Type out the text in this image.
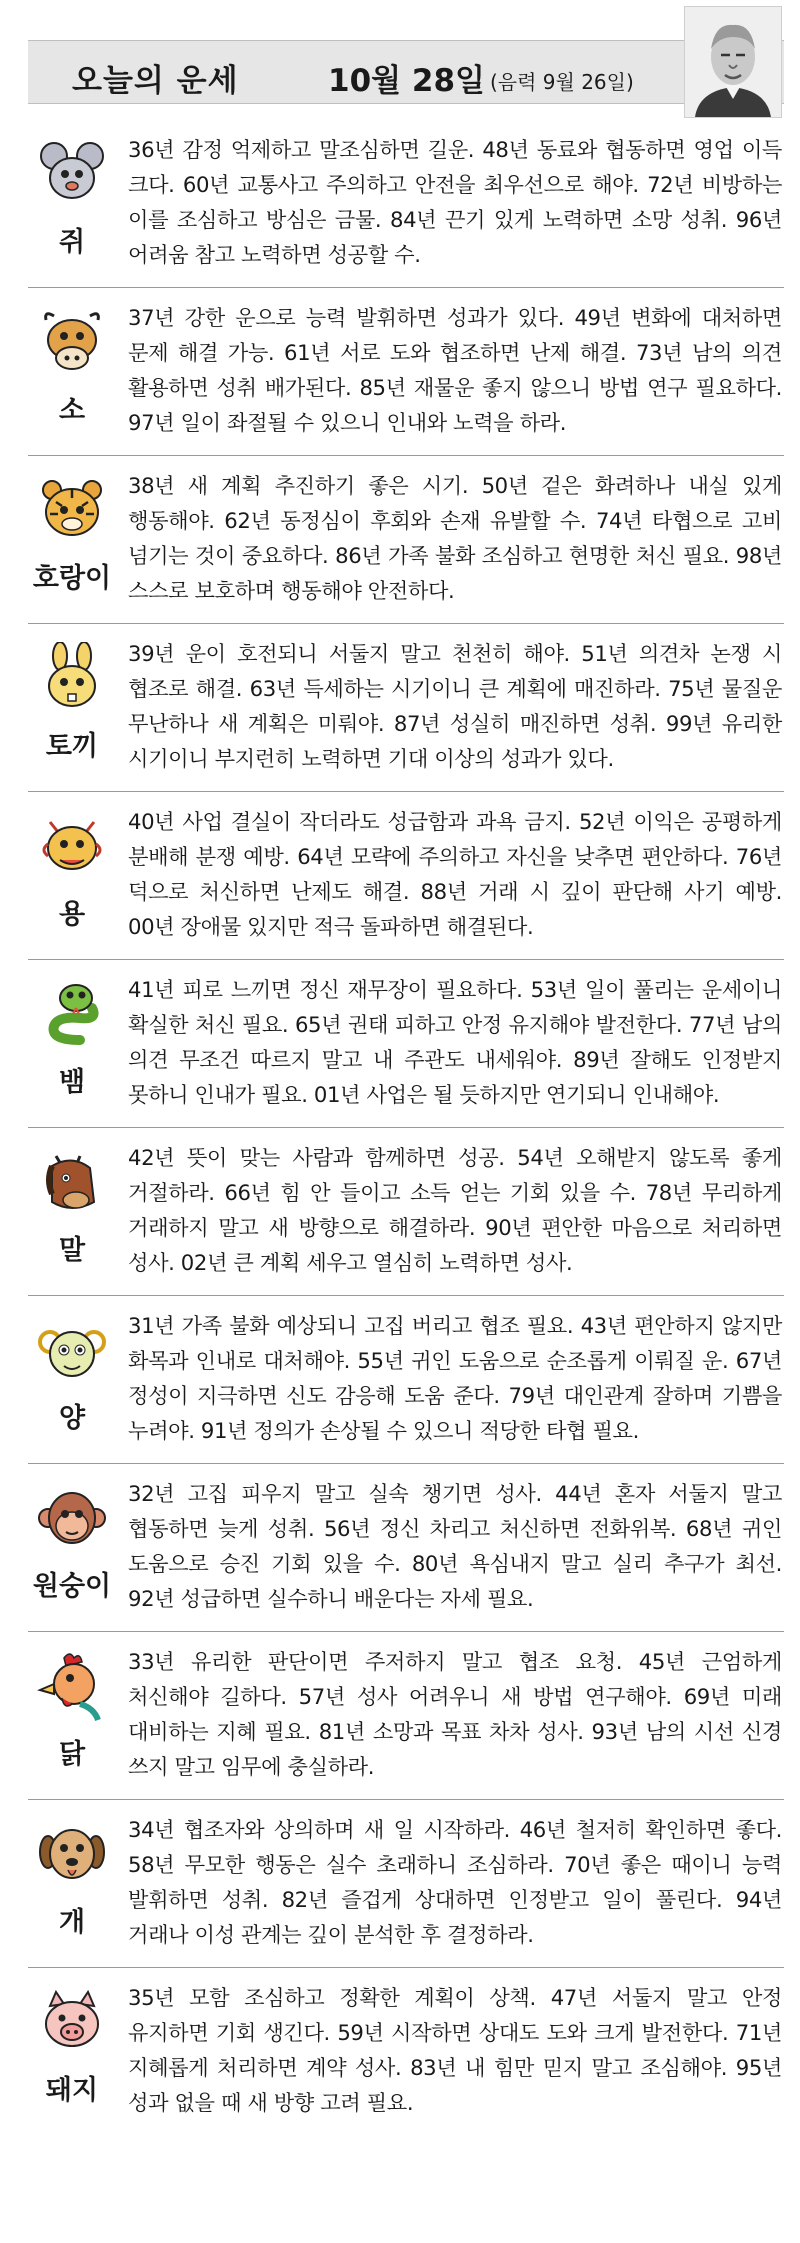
오늘의 운세	10월 28일 (음력 9월 26일)
쥐
36년 감정 억제하고 말조심하면 길운. 48년 동료와 협동하면 영업 이득 크다. 60년 교통사고 주의하고 안전을 최우선으로 해야. 72년 비방하는 이를 조심하고 방심은 금물. 84년 끈기 있게 노력하면 소망 성취. 96년 어려움 참고 노력하면 성공할 수.
소
37년 강한 운으로 능력 발휘하면 성과가 있다. 49년 변화에 대처하면 문제 해결 가능. 61년 서로 도와 협조하면 난제 해결. 73년 남의 의견 활용하면 성취 배가된다. 85년 재물운 좋지 않으니 방법 연구 필요하다. 97년 일이 좌절될 수 있으니 인내와 노력을 하라.
호랑이
38년 새 계획 추진하기 좋은 시기. 50년 겉은 화려하나 내실 있게 행동해야. 62년 동정심이 후회와 손재 유발할 수. 74년 타협으로 고비 넘기는 것이 중요하다. 86년 가족 불화 조심하고 현명한 처신 필요. 98년 스스로 보호하며 행동해야 안전하다.
토끼
39년 운이 호전되니 서둘지 말고 천천히 해야. 51년 의견차 논쟁 시 협조로 해결. 63년 득세하는 시기이니 큰 계획에 매진하라. 75년 물질운 무난하나 새 계획은 미뤄야. 87년 성실히 매진하면 성취. 99년 유리한 시기이니 부지런히 노력하면 기대 이상의 성과가 있다.
용
40년 사업 결실이 작더라도 성급함과 과욕 금지. 52년 이익은 공평하게 분배해 분쟁 예방. 64년 모략에 주의하고 자신을 낮추면 편안하다. 76년 덕으로 처신하면 난제도 해결. 88년 거래 시 깊이 판단해 사기 예방. 00년 장애물 있지만 적극 돌파하면 해결된다.
뱀
41년 피로 느끼면 정신 재무장이 필요하다. 53년 일이 풀리는 운세이니 확실한 처신 필요. 65년 권태 피하고 안정 유지해야 발전한다. 77년 남의 의견 무조건 따르지 말고 내 주관도 내세워야. 89년 잘해도 인정받지 못하니 인내가 필요. 01년 사업은 될 듯하지만 연기되니 인내해야.
말
42년 뜻이 맞는 사람과 함께하면 성공. 54년 오해받지 않도록 좋게 거절하라. 66년 힘 안 들이고 소득 얻는 기회 있을 수. 78년 무리하게 거래하지 말고 새 방향으로 해결하라. 90년 편안한 마음으로 처리하면 성사. 02년 큰 계획 세우고 열심히 노력하면 성사.
양
31년 가족 불화 예상되니 고집 버리고 협조 필요. 43년 편안하지 않지만 화목과 인내로 대처해야. 55년 귀인 도움으로 순조롭게 이뤄질 운. 67년 정성이 지극하면 신도 감응해 도움 준다. 79년 대인관계 잘하며 기쁨을 누려야. 91년 정의가 손상될 수 있으니 적당한 타협 필요.
원숭이
32년 고집 피우지 말고 실속 챙기면 성사. 44년 혼자 서둘지 말고 협동하면 늦게 성취. 56년 정신 차리고 처신하면 전화위복. 68년 귀인 도움으로 승진 기회 있을 수. 80년 욕심내지 말고 실리 추구가 최선. 92년 성급하면 실수하니 배운다는 자세 필요.
닭
33년 유리한 판단이면 주저하지 말고 협조 요청. 45년 근엄하게 처신해야 길하다. 57년 성사 어려우니 새 방법 연구해야. 69년 미래 대비하는 지혜 필요. 81년 소망과 목표 차차 성사. 93년 남의 시선 신경 쓰지 말고 임무에 충실하라.
개
34년 협조자와 상의하며 새 일 시작하라. 46년 철저히 확인하면 좋다. 58년 무모한 행동은 실수 초래하니 조심하라. 70년 좋은 때이니 능력 발휘하면 성취. 82년 즐겁게 상대하면 인정받고 일이 풀린다. 94년 거래나 이성 관계는 깊이 분석한 후 결정하라.
돼지
35년 모함 조심하고 정확한 계획이 상책. 47년 서둘지 말고 안정 유지하면 기회 생긴다. 59년 시작하면 상대도 도와 크게 발전한다. 71년 지혜롭게 처리하면 계약 성사. 83년 내 힘만 믿지 말고 조심해야. 95년 성과 없을 때 새 방향 고려 필요.
